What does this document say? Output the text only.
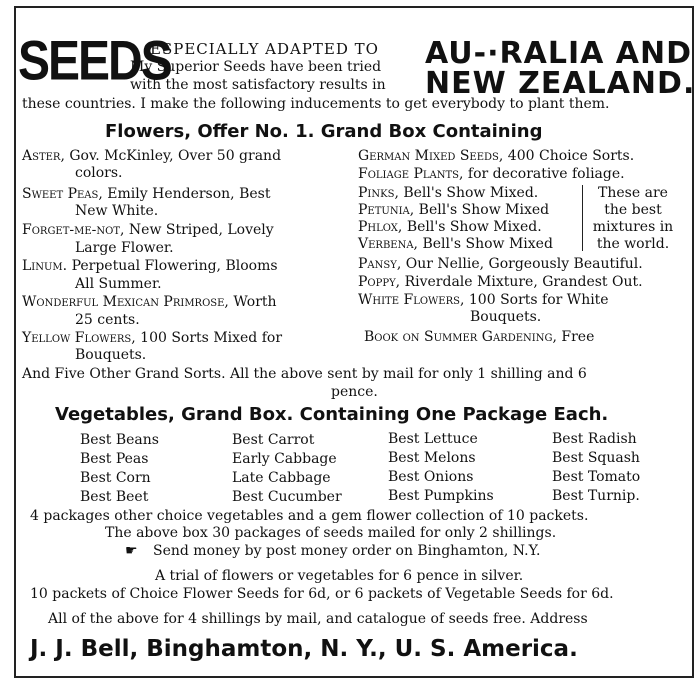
SEEDS
ESPECIALLY ADAPTED TO
My Superior Seeds have been tried
with the most satisfactory results in
AU-·RALIA AND
NEW ZEALAND.
these countries. I make the following inducements to get everybody to plant them.
Flowers, Offer No. 1. Grand Box Containing
Aster, Gov. McKinley, Over 50 grand
colors.
Sweet Peas, Emily Henderson, Best
New White.
Forget-me-not, New Striped, Lovely
Large Flower.
Linum. Perpetual Flowering, Blooms
All Summer.
Wonderful Mexican Primrose, Worth
25 cents.
Yellow Flowers, 100 Sorts Mixed for
Bouquets.
German Mixed Seeds, 400 Choice Sorts.
Foliage Plants, for decorative foliage.
Pinks, Bell's Show Mixed.
Petunia, Bell's Show Mixed
Phlox, Bell's Show Mixed.
Verbena, Bell's Show Mixed
These are
the best
mixtures in
the world.
Pansy, Our Nellie, Gorgeously Beautiful.
Poppy, Riverdale Mixture, Grandest Out.
White Flowers, 100 Sorts for White
Bouquets.
Book on Summer Gardening, Free
And Five Other Grand Sorts. All the above sent by mail for only 1 shilling and 6
pence.
Vegetables, Grand Box. Containing One Package Each.
Best Beans
Best Peas
Best Corn
Best Beet
Best Carrot
Early Cabbage
Late Cabbage
Best Cucumber
Best Lettuce
Best Melons
Best Onions
Best Pumpkins
Best Radish
Best Squash
Best Tomato
Best Turnip.
4 packages other choice vegetables and a gem flower collection of 10 packets.
The above box 30 packages of seeds mailed for only 2 shillings.
☛ Send money by post money order on Binghamton, N.Y.
A trial of flowers or vegetables for 6 pence in silver.
10 packets of Choice Flower Seeds for 6d, or 6 packets of Vegetable Seeds for 6d.
All of the above for 4 shillings by mail, and catalogue of seeds free. Address
J. J. Bell, Binghamton, N. Y., U. S. America.
